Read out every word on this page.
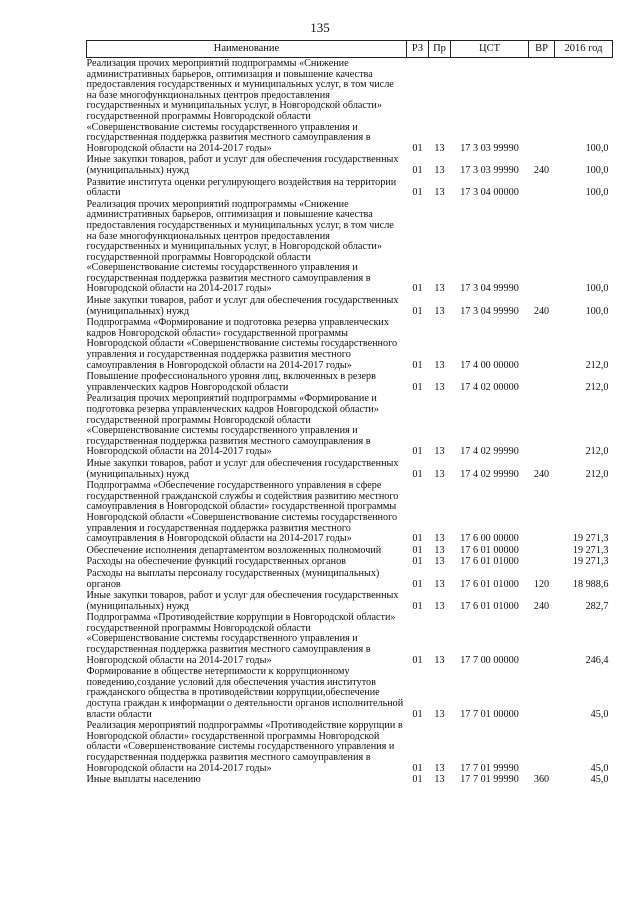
135
Наименование	РЗ	Пр	ЦСТ	ВР	2016 год
Реализация прочих мероприятий подпрограммы «Снижение административных барьеров, оптимизация и повышение качества предоставления государственных и муниципальных услуг, в том числе на базе многофункциональных центров предоставления государственных и муниципальных услуг, в Новгородской области» государственной программы Новгородской области «Совершенствование системы государственного управления и государственная поддержка развития местного самоуправления в Новгородской области на 2014-2017 годы»	01	13	17 3 03 99990		100,0
Иные закупки товаров, работ и услуг для обеспечения государственных (муниципальных) нужд	01	13	17 3 03 99990	240	100,0
Развитие института оценки регулирующего воздействия на территории области	01	13	17 3 04 00000		100,0
Реализация прочих мероприятий подпрограммы «Снижение административных барьеров, оптимизация и повышение качества предоставления государственных и муниципальных услуг, в том числе на базе многофункциональных центров предоставления государственных и муниципальных услуг, в Новгородской области» государственной программы Новгородской области «Совершенствование системы государственного управления и государственная поддержка развития местного самоуправления в Новгородской области на 2014-2017 годы»	01	13	17 3 04 99990		100,0
Иные закупки товаров, работ и услуг для обеспечения государственных (муниципальных) нужд	01	13	17 3 04 99990	240	100,0
Подпрограмма «Формирование и подготовка резерва управленческих кадров Новгородской области» государственной программы Новгородской области «Совершенствование системы государственного управления и государственная поддержка развития местного самоуправления в Новгородской области на 2014-2017 годы»	01	13	17 4 00 00000		212,0
Повышение профессионального уровня лиц, включенных в резерв управленческих кадров Новгородской области	01	13	17 4 02 00000		212,0
Реализация прочих мероприятий подпрограммы «Формирование и подготовка резерва управленческих кадров Новгородской области» государственной программы Новгородской области «Совершенствование системы государственного управления и государственная поддержка развития местного самоуправления в Новгородской области на 2014-2017 годы»	01	13	17 4 02 99990		212,0
Иные закупки товаров, работ и услуг для обеспечения государственных (муниципальных) нужд	01	13	17 4 02 99990	240	212,0
Подпрограмма «Обеспечение государственного управления в сфере государственной гражданской службы и содействия развитию местного самоуправления в Новгородской области» государственной программы Новгородской области «Совершенствование системы государственного управления и государственная поддержка развития местного самоуправления в Новгородской области на 2014-2017 годы»	01	13	17 6 00 00000		19 271,3
Обеспечение исполнения департаментом возложенных полномочий	01	13	17 6 01 00000		19 271,3
Расходы на обеспечение функций государственных органов	01	13	17 6 01 01000		19 271,3
Расходы на выплаты персоналу государственных (муниципальных) органов	01	13	17 6 01 01000	120	18 988,6
Иные закупки товаров, работ и услуг для обеспечения государственных (муниципальных) нужд	01	13	17 6 01 01000	240	282,7
Подпрограмма «Противодействие коррупции в Новгородской области» государственной программы Новгородской области «Совершенствование системы государственного управления и государственная поддержка развития местного самоуправления в Новгородской области на 2014-2017 годы»	01	13	17 7 00 00000		246,4
Формирование в обществе нетерпимости к коррупционному поведению,создание условий для обеспечения участия институтов гражданского общества в противодействии коррупции,обеспечение доступа граждан к информации о деятельности органов исполнительной власти области	01	13	17 7 01 00000		45,0
Реализация мероприятий подпрограммы «Противодействие коррупции в Новгородской области» государственной программы Новгородской области «Совершенствование системы государственного управления и государственная поддержка развития местного самоуправления в Новгородской области на 2014-2017 годы»	01	13	17 7 01 99990		45,0
Иные выплаты населению	01	13	17 7 01 99990	360	45,0
